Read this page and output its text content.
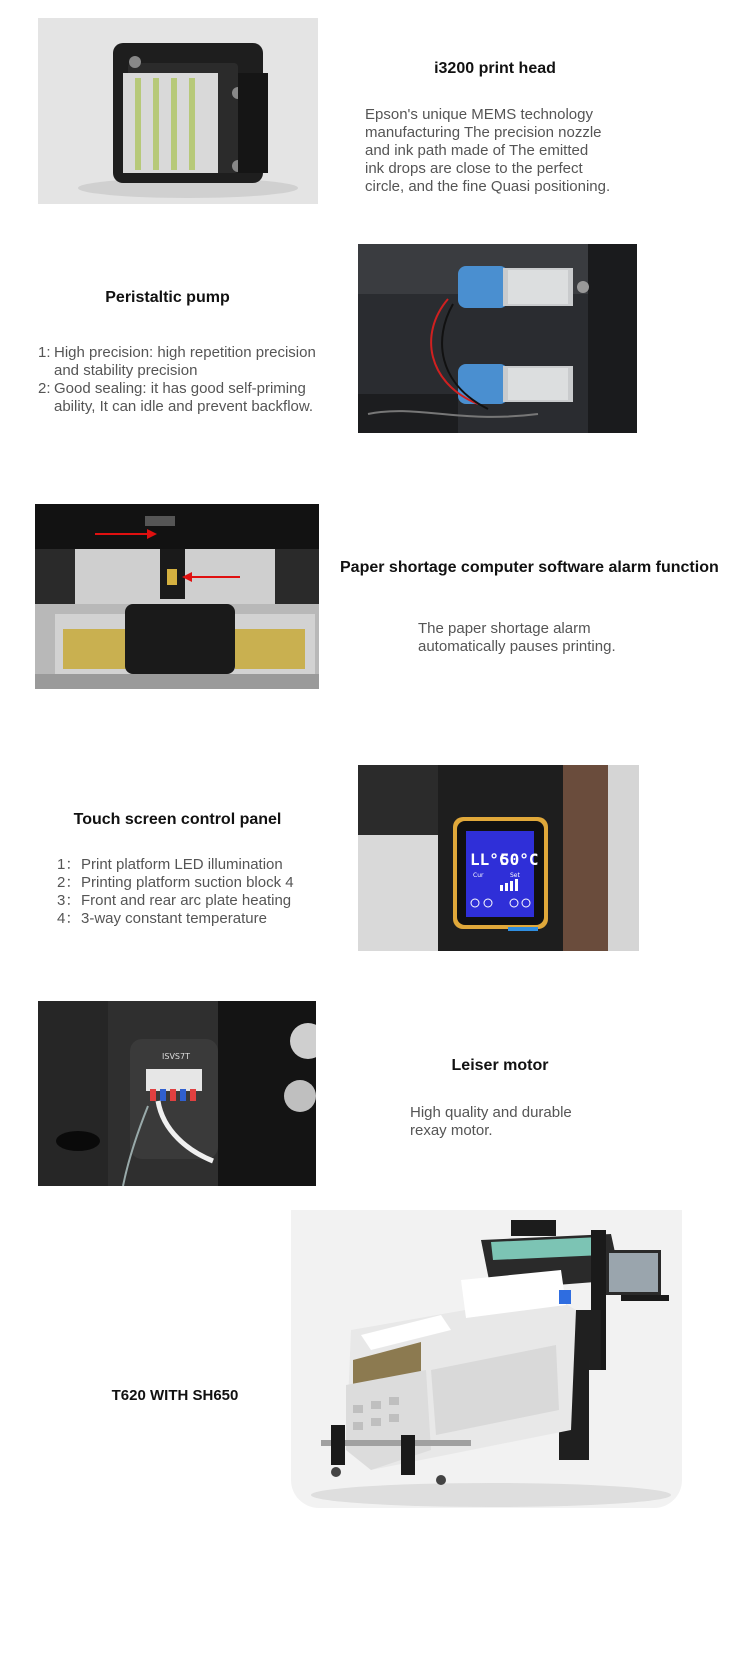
i3200 print head
Epson's unique MEMS technology
manufacturing The precision nozzle
and ink path made of The emitted
ink drops are close to the perfect
circle, and the fine Quasi positioning.
Peristaltic pump
1: High precision: high repetition precision
and stability precision
2: Good sealing: it has good self-priming
ability, It can idle and prevent backflow.
Paper shortage computer software alarm function
The paper shortage alarm
automatically pauses printing.
Touch screen control panel
1： Print platform LED illumination
2： Printing platform suction block 4
3： Front and rear arc plate heating
4： 3-way constant temperature
LL°C
50°C
Cur	Set
ISVS7T
Leiser motor
High quality and durable
rexay motor.
T620 WITH SH650
